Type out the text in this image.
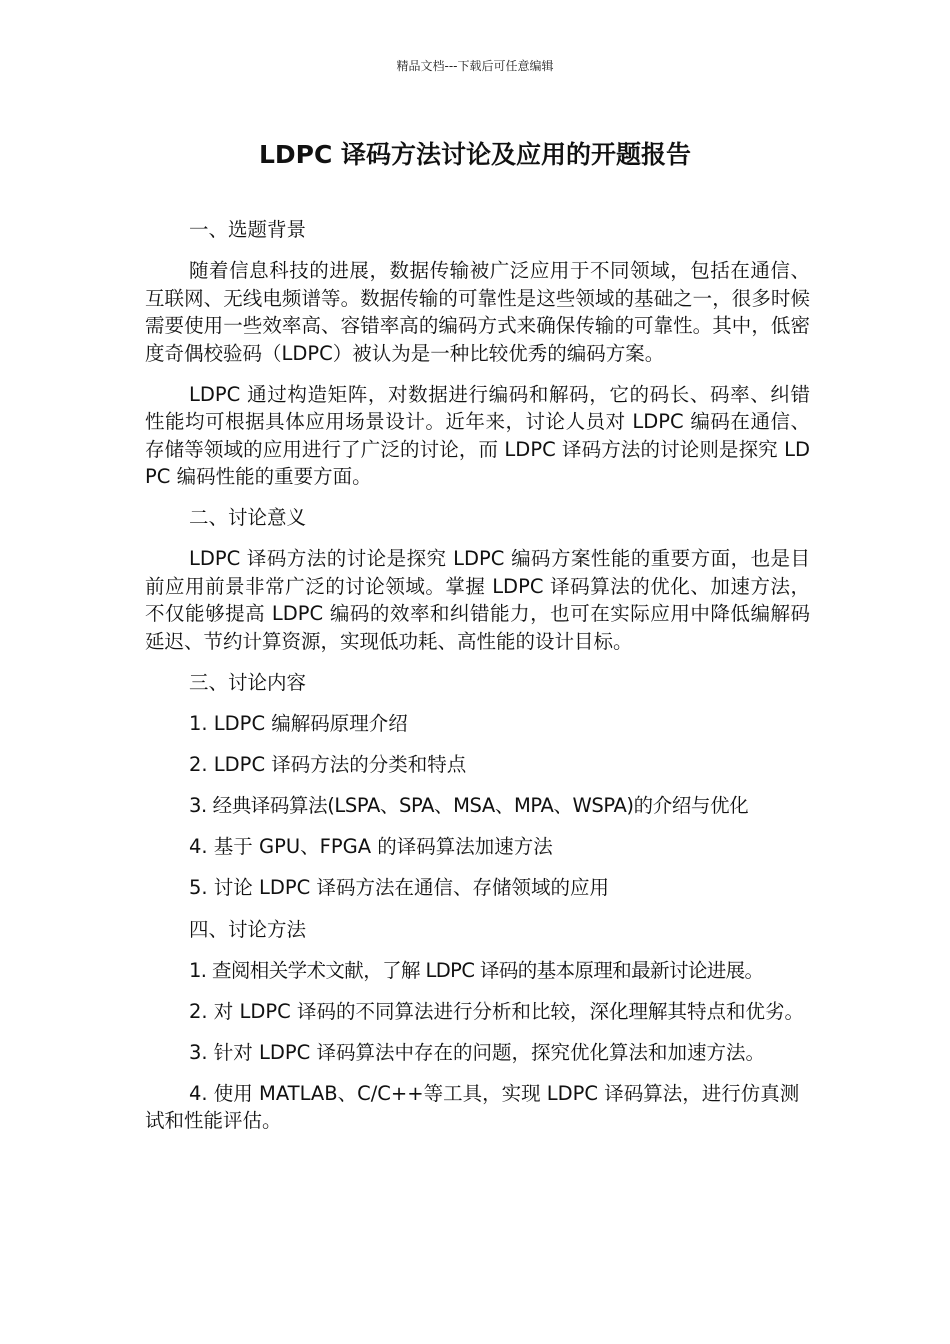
精品文档---下载后可任意编辑
LDPC 译码方法讨论及应用的开题报告

一、选题背景

随着信息科技的进展，数据传输被广泛应用于不同领域，包括在通信、互联网、无线电频谱等。数据传输的可靠性是这些领域的基础之一，很多时候需要使用一些效率高、容错率高的编码方式来确保传输的可靠性。其中，低密度奇偶校验码（LDPC）被认为是一种比较优秀的编码方案。

LDPC 通过构造矩阵，对数据进行编码和解码，它的码长、码率、纠错性能均可根据具体应用场景设计。近年来，讨论人员对 LDPC 编码在通信、存储等领域的应用进行了广泛的讨论，而 LDPC 译码方法的讨论则是探究 LDPC 编码性能的重要方面。

二、讨论意义

LDPC 译码方法的讨论是探究 LDPC 编码方案性能的重要方面，也是目前应用前景非常广泛的讨论领域。掌握 LDPC 译码算法的优化、加速方法，不仅能够提高 LDPC 编码的效率和纠错能力，也可在实际应用中降低编解码延迟、节约计算资源，实现低功耗、高性能的设计目标。

三、讨论内容

1. LDPC 编解码原理介绍

2. LDPC 译码方法的分类和特点

3. 经典译码算法(LSPA、SPA、MSA、MPA、WSPA)的介绍与优化

4. 基于 GPU、FPGA 的译码算法加速方法

5. 讨论 LDPC 译码方法在通信、存储领域的应用

四、讨论方法

1. 查阅相关学术文献，了解 LDPC 译码的基本原理和最新讨论进展。

2. 对 LDPC 译码的不同算法进行分析和比较，深化理解其特点和优劣。

3. 针对 LDPC 译码算法中存在的问题，探究优化算法和加速方法。

4. 使用 MATLAB、C/C++等工具，实现 LDPC 译码算法，进行仿真测试和性能评估。
